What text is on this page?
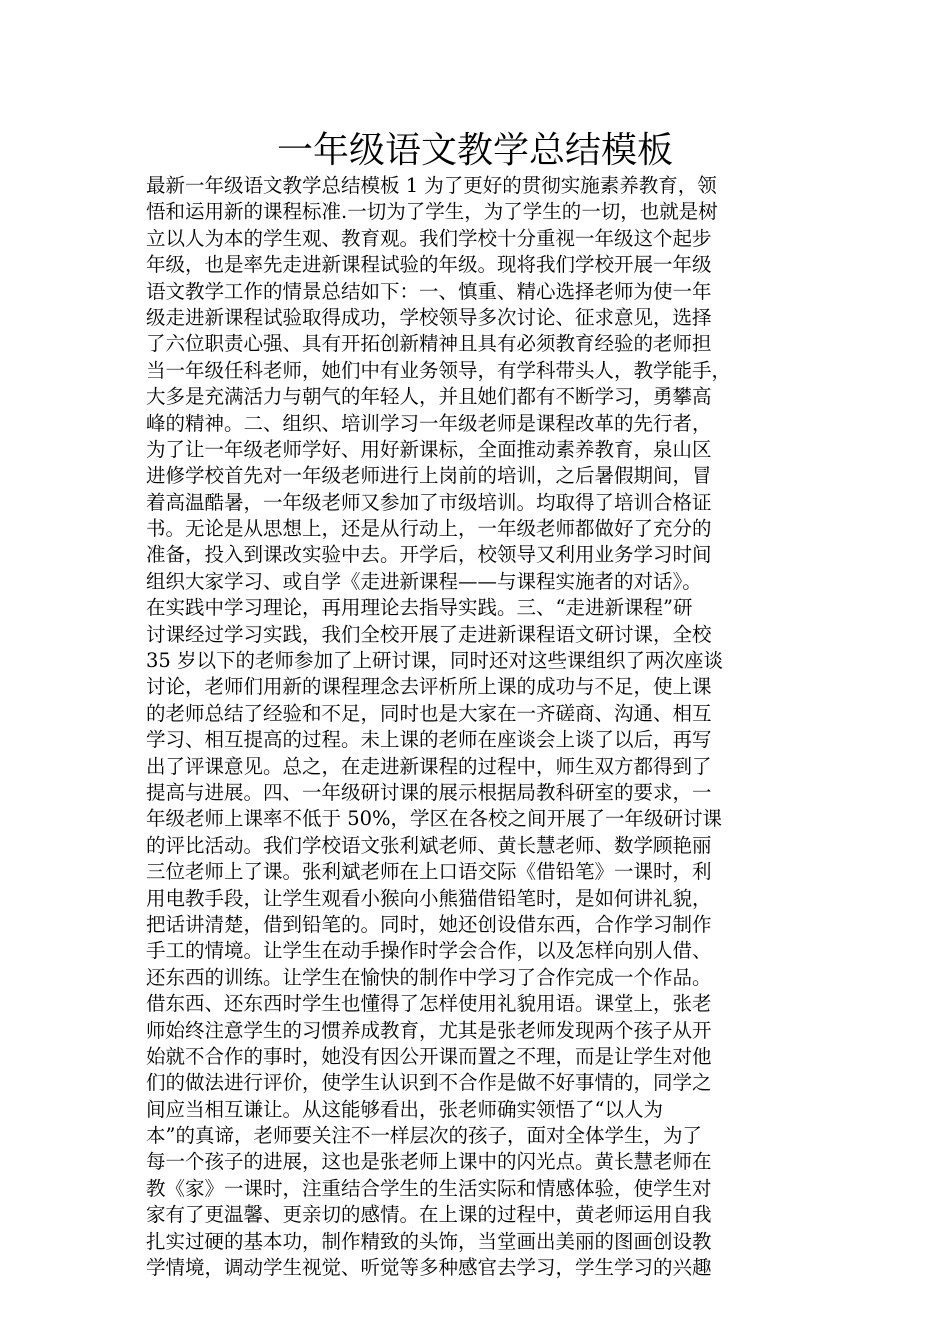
一年级语文教学总结模板
最新一年级语文教学总结模板 1 为了更好的贯彻实施素养教育，领
悟和运用新的课程标准.一切为了学生，为了学生的一切，也就是树
立以人为本的学生观、教育观。我们学校十分重视一年级这个起步
年级，也是率先走进新课程试验的年级。现将我们学校开展一年级
语文教学工作的情景总结如下：一、慎重、精心选择老师为使一年
级走进新课程试验取得成功，学校领导多次讨论、征求意见，选择
了六位职责心强、具有开拓创新精神且具有必须教育经验的老师担
当一年级任科老师，她们中有业务领导，有学科带头人，教学能手，
大多是充满活力与朝气的年轻人，并且她们都有不断学习，勇攀高
峰的精神。二、组织、培训学习一年级老师是课程改革的先行者，
为了让一年级老师学好、用好新课标，全面推动素养教育，泉山区
进修学校首先对一年级老师进行上岗前的培训，之后暑假期间，冒
着高温酷暑，一年级老师又参加了市级培训。均取得了培训合格证
书。无论是从思想上，还是从行动上，一年级老师都做好了充分的
准备，投入到课改实验中去。开学后，校领导又利用业务学习时间
组织大家学习、或自学《走进新课程——与课程实施者的对话》。
在实践中学习理论，再用理论去指导实践。三、“走进新课程”研
讨课经过学习实践，我们全校开展了走进新课程语文研讨课，全校
35 岁以下的老师参加了上研讨课，同时还对这些课组织了两次座谈
讨论，老师们用新的课程理念去评析所上课的成功与不足，使上课
的老师总结了经验和不足，同时也是大家在一齐磋商、沟通、相互
学习、相互提高的过程。未上课的老师在座谈会上谈了以后，再写
出了评课意见。总之，在走进新课程的过程中，师生双方都得到了
提高与进展。四、一年级研讨课的展示根据局教科研室的要求，一
年级老师上课率不低于 50%，学区在各校之间开展了一年级研讨课
的评比活动。我们学校语文张利斌老师、黄长慧老师、数学顾艳丽
三位老师上了课。张利斌老师在上口语交际《借铅笔》一课时，利
用电教手段，让学生观看小猴向小熊猫借铅笔时，是如何讲礼貌，
把话讲清楚，借到铅笔的。同时，她还创设借东西，合作学习制作
手工的情境。让学生在动手操作时学会合作，以及怎样向别人借、
还东西的训练。让学生在愉快的制作中学习了合作完成一个作品。
借东西、还东西时学生也懂得了怎样使用礼貌用语。课堂上，张老
师始终注意学生的习惯养成教育，尤其是张老师发现两个孩子从开
始就不合作的事时，她没有因公开课而置之不理，而是让学生对他
们的做法进行评价，使学生认识到不合作是做不好事情的，同学之
间应当相互谦让。从这能够看出，张老师确实领悟了“以人为
本”的真谛，老师要关注不一样层次的孩子，面对全体学生，为了
每一个孩子的进展，这也是张老师上课中的闪光点。黄长慧老师在
教《家》一课时，注重结合学生的生活实际和情感体验，使学生对
家有了更温馨、更亲切的感情。在上课的过程中，黄老师运用自我
扎实过硬的基本功，制作精致的头饰，当堂画出美丽的图画创设教
学情境，调动学生视觉、听觉等多种感官去学习，学生学习的兴趣
